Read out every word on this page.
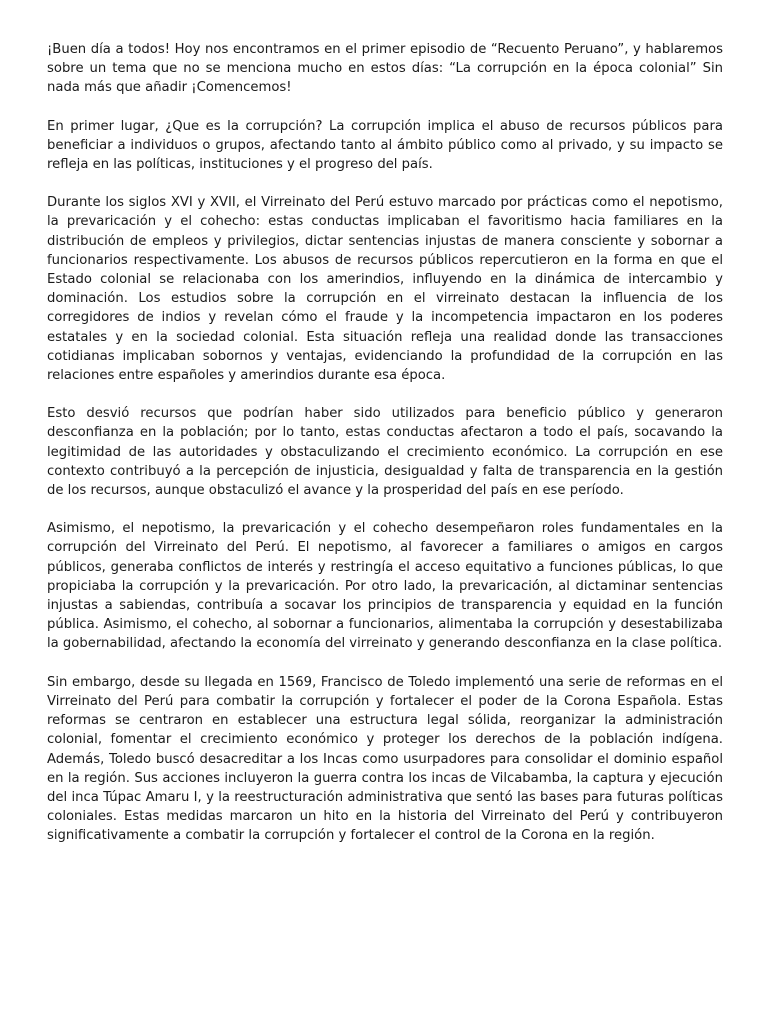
¡Buen día a todos! Hoy nos encontramos en el primer episodio de “Recuento Peruano”, y hablaremos sobre un tema que no se menciona mucho en estos días: “La corrupción en la época colonial” Sin nada más que añadir ¡Comencemos!

En primer lugar, ¿Que es la corrupción? La corrupción implica el abuso de recursos públicos para beneficiar a individuos o grupos, afectando tanto al ámbito público como al privado, y su impacto se refleja en las políticas, instituciones y el progreso del país.

Durante los siglos XVI y XVII, el Virreinato del Perú estuvo marcado por prácticas como el nepotismo, la prevaricación y el cohecho: estas conductas implicaban el favoritismo hacia familiares en la distribución de empleos y privilegios, dictar sentencias injustas de manera consciente y sobornar a funcionarios respectivamente. Los abusos de recursos públicos repercutieron en la forma en que el Estado colonial se relacionaba con los amerindios, influyendo en la dinámica de intercambio y dominación. Los estudios sobre la corrupción en el virreinato destacan la influencia de los corregidores de indios y revelan cómo el fraude y la incompetencia impactaron en los poderes estatales y en la sociedad colonial. Esta situación refleja una realidad donde las transacciones cotidianas implicaban sobornos y ventajas, evidenciando la profundidad de la corrupción en las relaciones entre españoles y amerindios durante esa época.

Esto desvió recursos que podrían haber sido utilizados para beneficio público y generaron desconfianza en la población; por lo tanto, estas conductas afectaron a todo el país, socavando la legitimidad de las autoridades y obstaculizando el crecimiento económico. La corrupción en ese contexto contribuyó a la percepción de injusticia, desigualdad y falta de transparencia en la gestión de los recursos, aunque obstaculizó el avance y la prosperidad del país en ese período.

Asimismo, el nepotismo, la prevaricación y el cohecho desempeñaron roles fundamentales en la corrupción del Virreinato del Perú. El nepotismo, al favorecer a familiares o amigos en cargos públicos, generaba conflictos de interés y restringía el acceso equitativo a funciones públicas, lo que propiciaba la corrupción y la prevaricación. Por otro lado, la prevaricación, al dictaminar sentencias injustas a sabiendas, contribuía a socavar los principios de transparencia y equidad en la función pública. Asimismo, el cohecho, al sobornar a funcionarios, alimentaba la corrupción y desestabilizaba la gobernabilidad, afectando la economía del virreinato y generando desconfianza en la clase política.

Sin embargo, desde su llegada en 1569, Francisco de Toledo implementó una serie de reformas en el Virreinato del Perú para combatir la corrupción y fortalecer el poder de la Corona Española. Estas reformas se centraron en establecer una estructura legal sólida, reorganizar la administración colonial, fomentar el crecimiento económico y proteger los derechos de la población indígena. Además, Toledo buscó desacreditar a los Incas como usurpadores para consolidar el dominio español en la región. Sus acciones incluyeron la guerra contra los incas de Vilcabamba, la captura y ejecución del inca Túpac Amaru I, y la reestructuración administrativa que sentó las bases para futuras políticas coloniales. Estas medidas marcaron un hito en la historia del Virreinato del Perú y contribuyeron significativamente a combatir la corrupción y fortalecer el control de la Corona en la región.
